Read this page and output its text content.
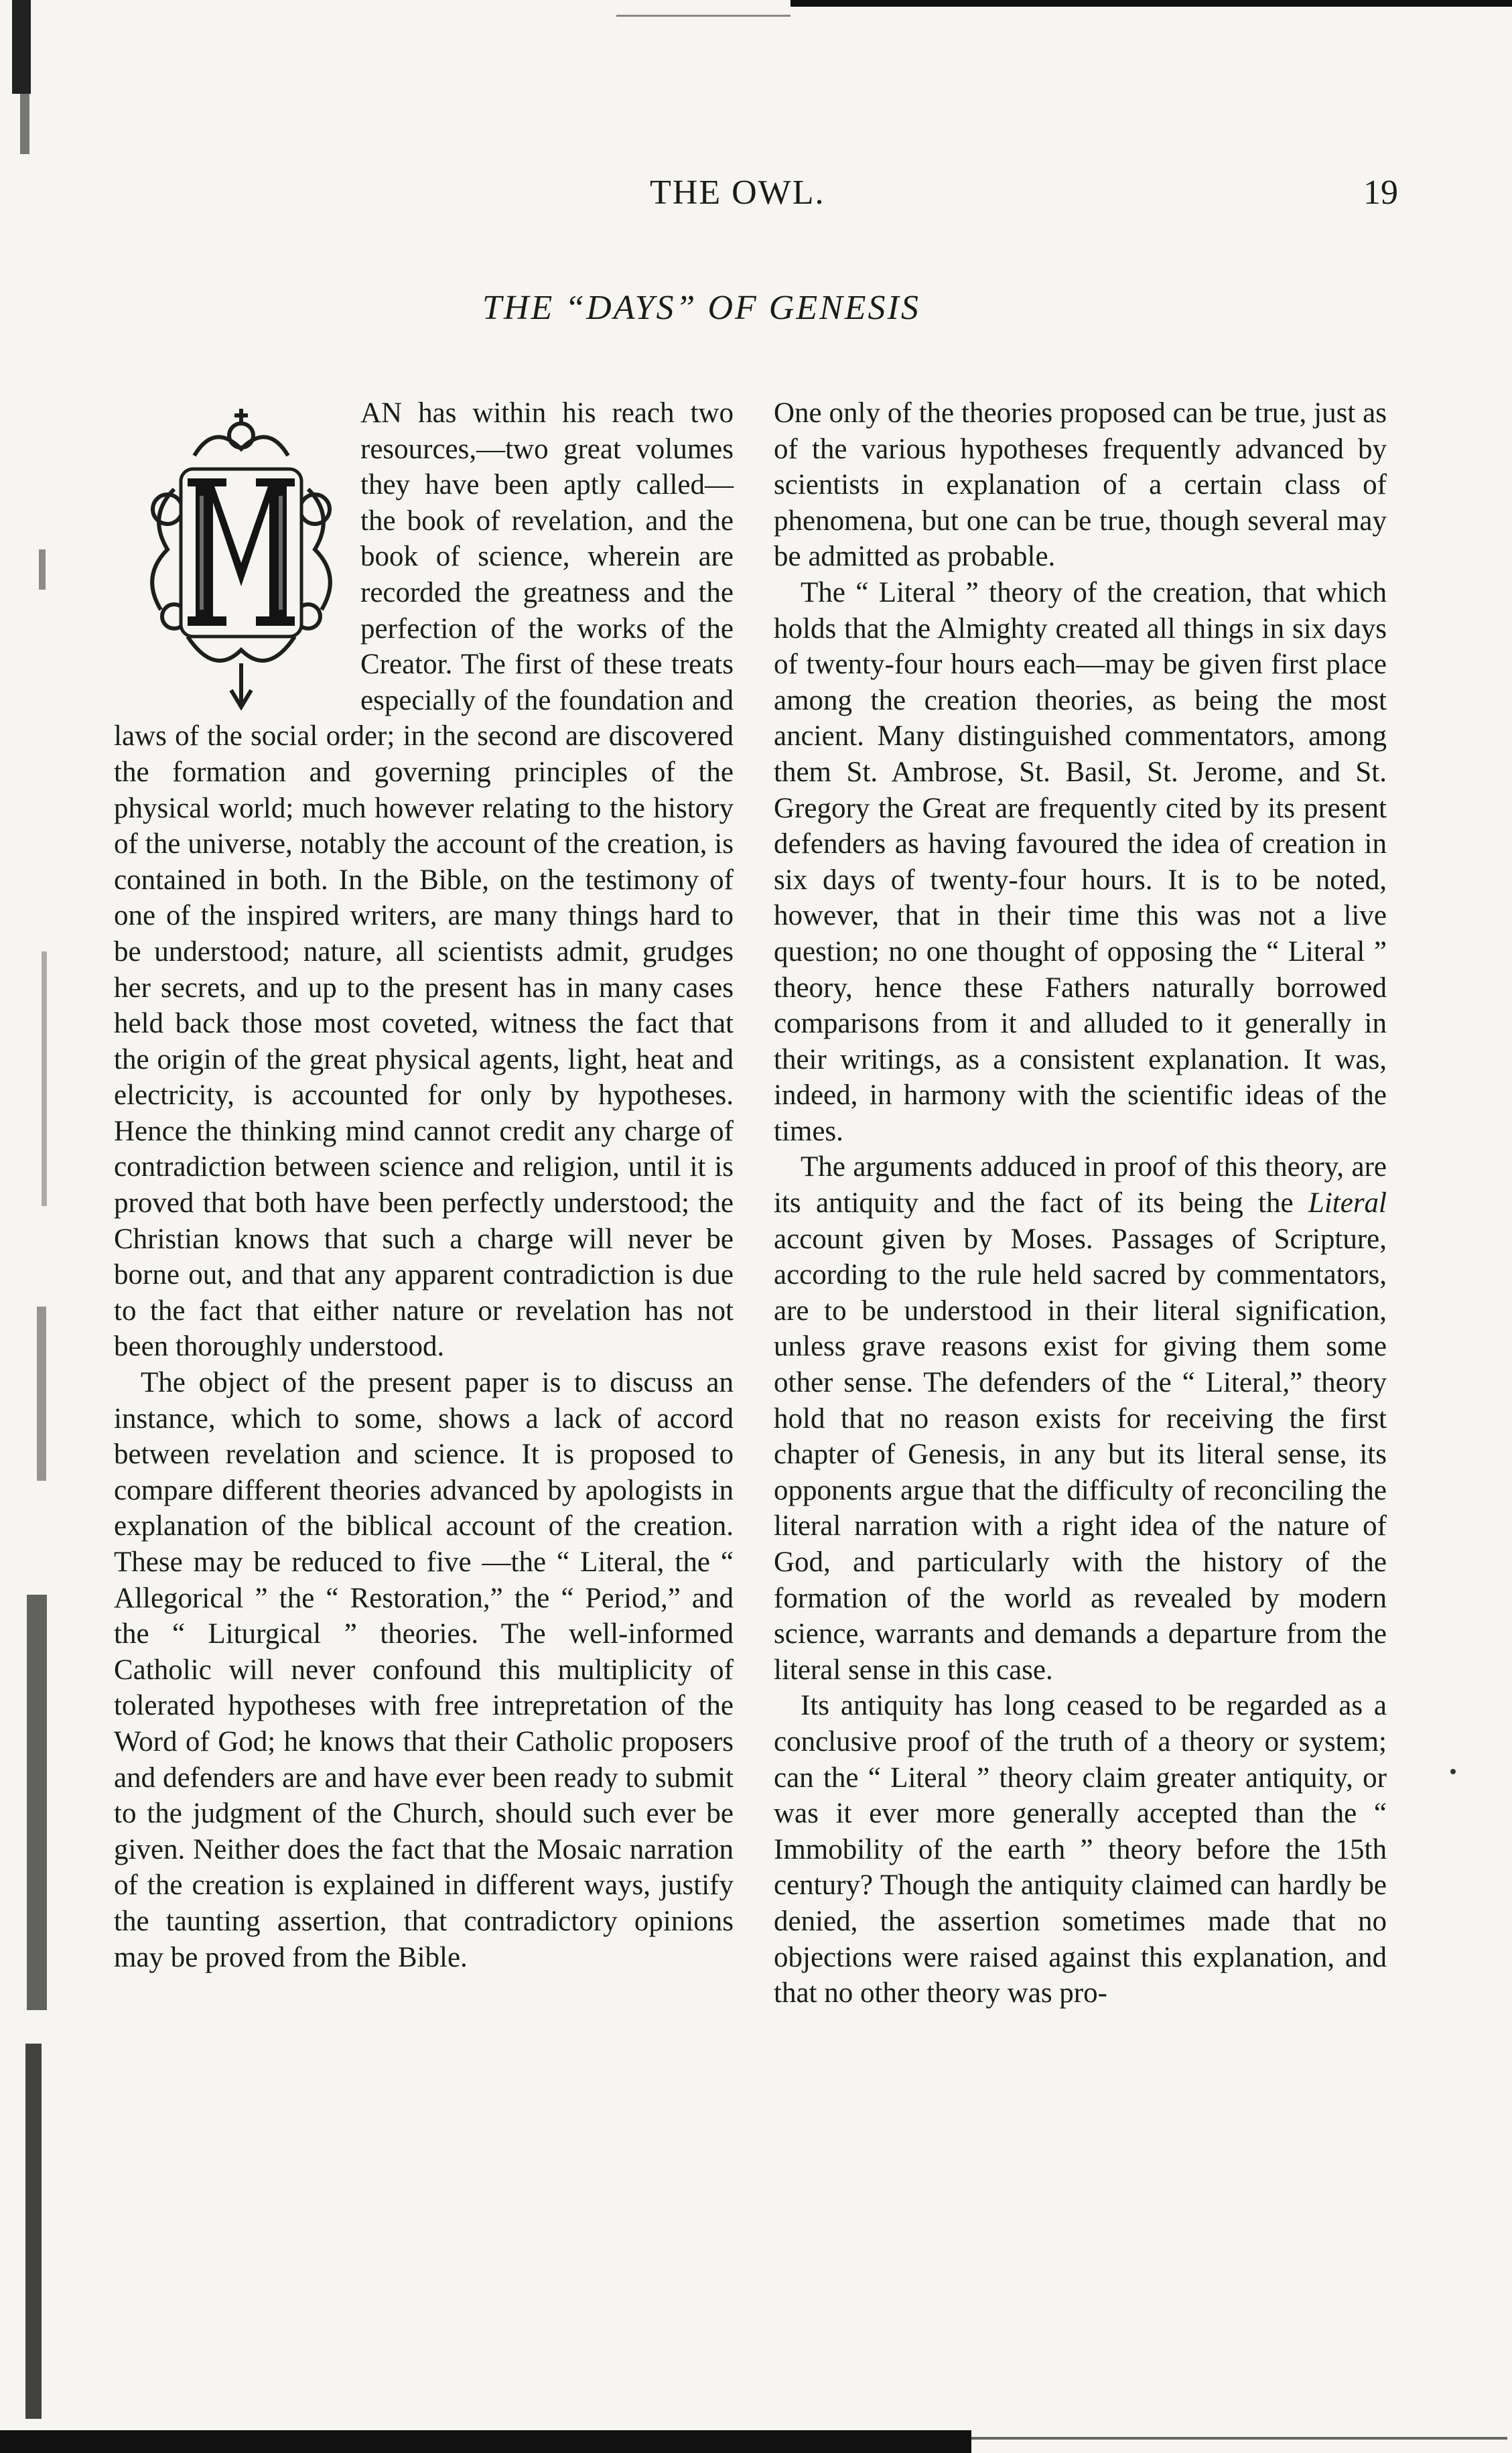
THE OWL.	19
THE “DAYS” OF GENESIS

AN has within his reach two resources,—two great volumes they have been aptly called—the book of revelation, and the book of science, wherein are recorded the greatness and the perfection of the works of the Creator. The first of these treats especially of the foundation and laws of the social order; in the second are discovered the formation and governing principles of the physical world; much however relating to the history of the universe, notably the account of the creation, is contained in both. In the Bible, on the testimony of one of the inspired writers, are many things hard to be understood; nature, all scientists admit, grudges her secrets, and up to the present has in many cases held back those most coveted, witness the fact that the origin of the great physical agents, light, heat and electricity, is accounted for only by hypotheses. Hence the thinking mind cannot credit any charge of contradiction between science and religion, until it is proved that both have been perfectly understood; the Christian knows that such a charge will never be borne out, and that any apparent contradiction is due to the fact that either nature or revelation has not been thoroughly understood.

The object of the present paper is to discuss an instance, which to some, shows a lack of accord between revelation and science. It is proposed to compare different theories advanced by apologists in explanation of the biblical account of the creation. These may be reduced to five —the “ Literal, the “ Allegorical ” the “ Restoration,” the “ Period,” and the “ Liturgical ” theories. The well-informed Catholic will never confound this multiplicity of tolerated hypotheses with free intrepretation of the Word of God; he knows that their Catholic proposers and defenders are and have ever been ready to submit to the judgment of the Church, should such ever be given. Neither does the fact that the Mosaic narration of the creation is explained in different ways, justify the taunting assertion, that contradictory opinions may be proved from the Bible.

One only of the theories proposed can be true, just as of the various hypotheses frequently advanced by scientists in explanation of a certain class of phenomena, but one can be true, though several may be admitted as probable.

The “ Literal ” theory of the creation, that which holds that the Almighty created all things in six days of twenty-four hours each—may be given first place among the creation theories, as being the most ancient. Many distinguished commentators, among them St. Ambrose, St. Basil, St. Jerome, and St. Gregory the Great are frequently cited by its present defenders as having favoured the idea of creation in six days of twenty-four hours. It is to be noted, however, that in their time this was not a live question; no one thought of opposing the “ Literal ” theory, hence these Fathers naturally borrowed comparisons from it and alluded to it generally in their writings, as a consistent explanation. It was, indeed, in harmony with the scientific ideas of the times.

The arguments adduced in proof of this theory, are its antiquity and the fact of its being the Literal account given by Moses. Passages of Scripture, according to the rule held sacred by commentators, are to be understood in their literal signification, unless grave reasons exist for giving them some other sense. The defenders of the “ Literal,” theory hold that no reason exists for receiving the first chapter of Genesis, in any but its literal sense, its opponents argue that the difficulty of reconciling the literal narration with a right idea of the nature of God, and particularly with the history of the formation of the world as revealed by modern science, warrants and demands a departure from the literal sense in this case.

Its antiquity has long ceased to be regarded as a conclusive proof of the truth of a theory or system; can the “ Literal ” theory claim greater antiquity, or was it ever more generally accepted than the “ Immobility of the earth ” theory before the 15th century? Though the antiquity claimed can hardly be denied, the assertion sometimes made that no objections were raised against this explanation, and that no other theory was pro-
